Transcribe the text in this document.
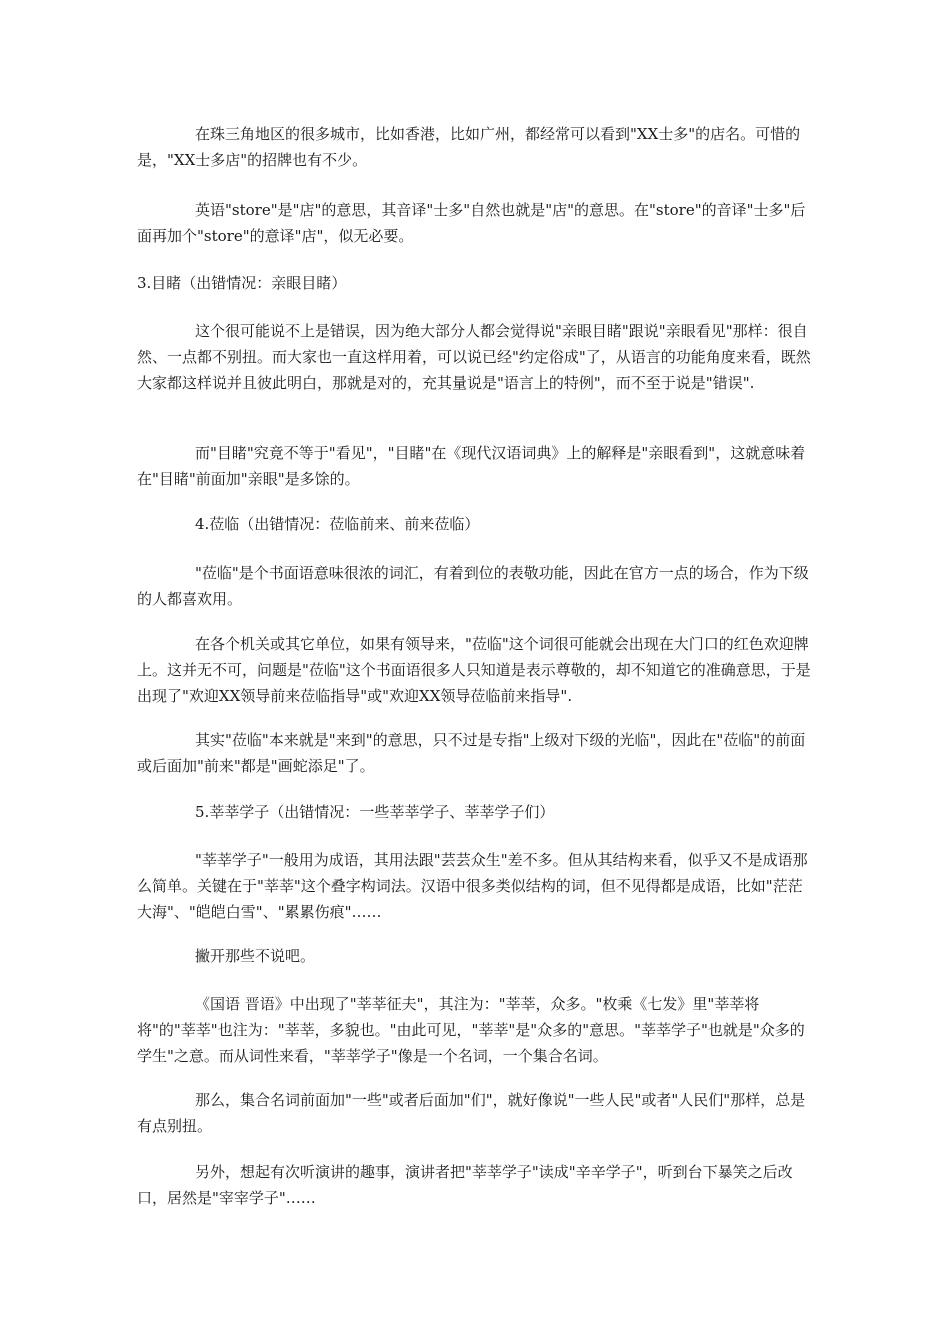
在珠三角地区的很多城市，比如香港，比如广州，都经常可以看到"XX士多"的店名。可惜的是，"XX士多店"的招牌也有不少。

英语"store"是"店"的意思，其音译"士多"自然也就是"店"的意思。在"store"的音译"士多"后面再加个"store"的意译"店"，似无必要。

3.目睹（出错情况：亲眼目睹）

这个很可能说不上是错误，因为绝大部分人都会觉得说"亲眼目睹"跟说"亲眼看见"那样：很自然、一点都不别扭。而大家也一直这样用着，可以说已经"约定俗成"了，从语言的功能角度来看，既然大家都这样说并且彼此明白，那就是对的，充其量说是"语言上的特例"，而不至于说是"错误".

而"目睹"究竟不等于"看见"，"目睹"在《现代汉语词典》上的解释是"亲眼看到"，这就意味着在"目睹"前面加"亲眼"是多馀的。

4.莅临（出错情况：莅临前来、前来莅临）

"莅临"是个书面语意味很浓的词汇，有着到位的表敬功能，因此在官方一点的场合，作为下级的人都喜欢用。

在各个机关或其它单位，如果有领导来，"莅临"这个词很可能就会出现在大门口的红色欢迎牌上。这并无不可，问题是"莅临"这个书面语很多人只知道是表示尊敬的，却不知道它的准确意思，于是出现了"欢迎XX领导前来莅临指导"或"欢迎XX领导莅临前来指导".

其实"莅临"本来就是"来到"的意思，只不过是专指"上级对下级的光临"，因此在"莅临"的前面或后面加"前来"都是"画蛇添足"了。

5.莘莘学子（出错情况：一些莘莘学子、莘莘学子们）

"莘莘学子"一般用为成语，其用法跟"芸芸众生"差不多。但从其结构来看，似乎又不是成语那么简单。关键在于"莘莘"这个叠字构词法。汉语中很多类似结构的词，但不见得都是成语，比如"茫茫大海"、"皑皑白雪"、"累累伤痕"……

撇开那些不说吧。

《国语 晋语》中出现了"莘莘征夫"，其注为："莘莘，众多。"枚乘《七发》里"莘莘将将"的"莘莘"也注为："莘莘，多貌也。"由此可见，"莘莘"是"众多的"意思。"莘莘学子"也就是"众多的学生"之意。而从词性来看，"莘莘学子"像是一个名词，一个集合名词。

那么，集合名词前面加"一些"或者后面加"们"，就好像说"一些人民"或者"人民们"那样，总是有点别扭。

另外，想起有次听演讲的趣事，演讲者把"莘莘学子"读成"辛辛学子"，听到台下暴笑之后改口，居然是"宰宰学子"……
